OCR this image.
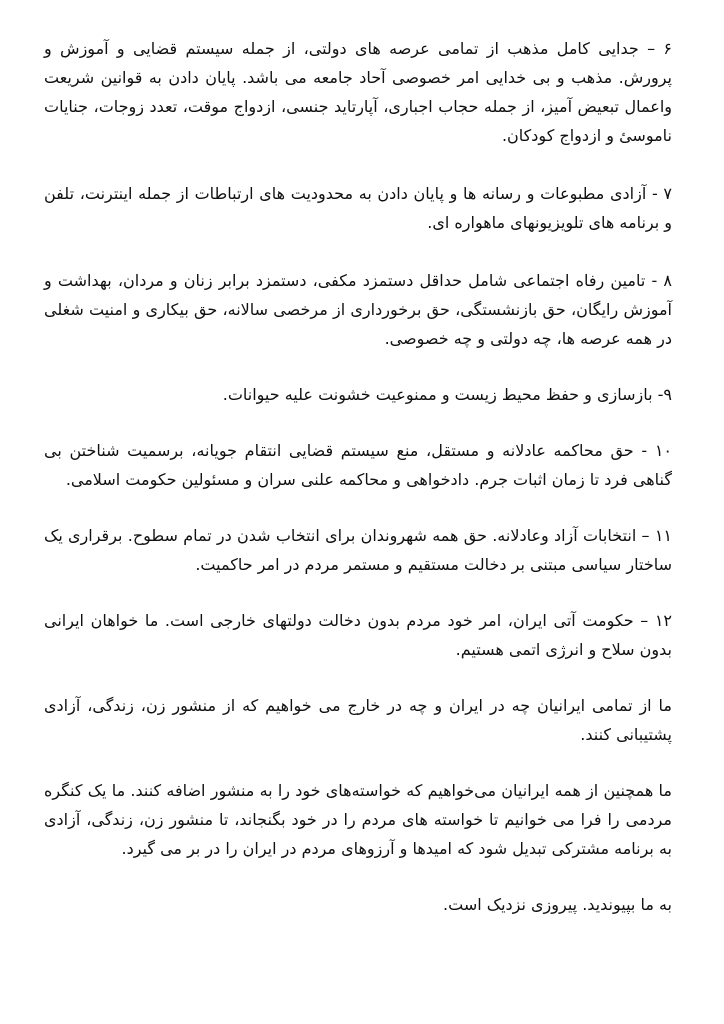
۶ – جدایی کامل مذهب از تمامی عرصه های دولتی، از جمله سیستم قضایی و آموزش و پرورش. مذهب و بی خدایی امر خصوصی آحاد جامعه می باشد. پایان دادن به قوانین شریعت واعمال تبعیض آمیز، از جمله حجاب اجباری، آپارتاید جنسی، ازدواج موقت، تعدد زوجات، جنایات ناموسیٔ و ازدواج کودکان.

۷ - آزادی مطبوعات و رسانه ها و پایان دادن به محدودیت های ارتباطات از جمله اینترنت، تلفن و برنامه های تلویزیونهای ماهواره ای.

۸ - تامین رفاه اجتماعی شامل حداقل دستمزد مکفی، دستمزد برابر زنان و مردان، بهداشت و آموزش رایگان، حق بازنشستگی، حق برخورداری از مرخصی سالانه، حق بیکاری و امنیت شغلی در همه عرصه ها، چه دولتی و چه خصوصی.

۹- بازسازی و حفظ محیط زیست و ممنوعیت خشونت علیه حیوانات.

۱۰ - حق محاکمه عادلانه و مستقل، منع سیستم قضایی انتقام جویانه، برسمیت شناختن بی گناهی فرد تا زمان اثبات جرم. دادخواهی و محاکمه علنی سران و مسئولین حکومت اسلامی.

۱۱ – انتخابات آزاد وعادلانه. حق همه شهروندان برای انتخاب شدن در تمام سطوح. برقراری یک ساختار سیاسی مبتنی بر دخالت مستقیم و مستمر مردم در امر حاکمیت.

۱۲ – حکومت آتی ایران، امر خود مردم بدون دخالت دولتهای خارجی است. ما خواهان ایرانی بدون سلاح و انرژی اتمی هستیم.

ما از تمامی ایرانیان چه در ایران و چه در خارج می خواهیم که از منشور زن، زندگی، آزادی پشتیبانی کنند.

ما همچنین از همه ایرانیان می‌خواهیم که خواسته‌های خود را به منشور اضافه کنند. ما یک کنگره مردمی را فرا می خوانیم تا خواسته های مردم را در خود بگنجاند، تا منشور زن، زندگی، آزادی به برنامه مشترکی تبدیل شود که امیدها و آرزوهای مردم در ایران را در بر می گیرد.

به ما بپیوندید. پیروزی نزدیک است.
